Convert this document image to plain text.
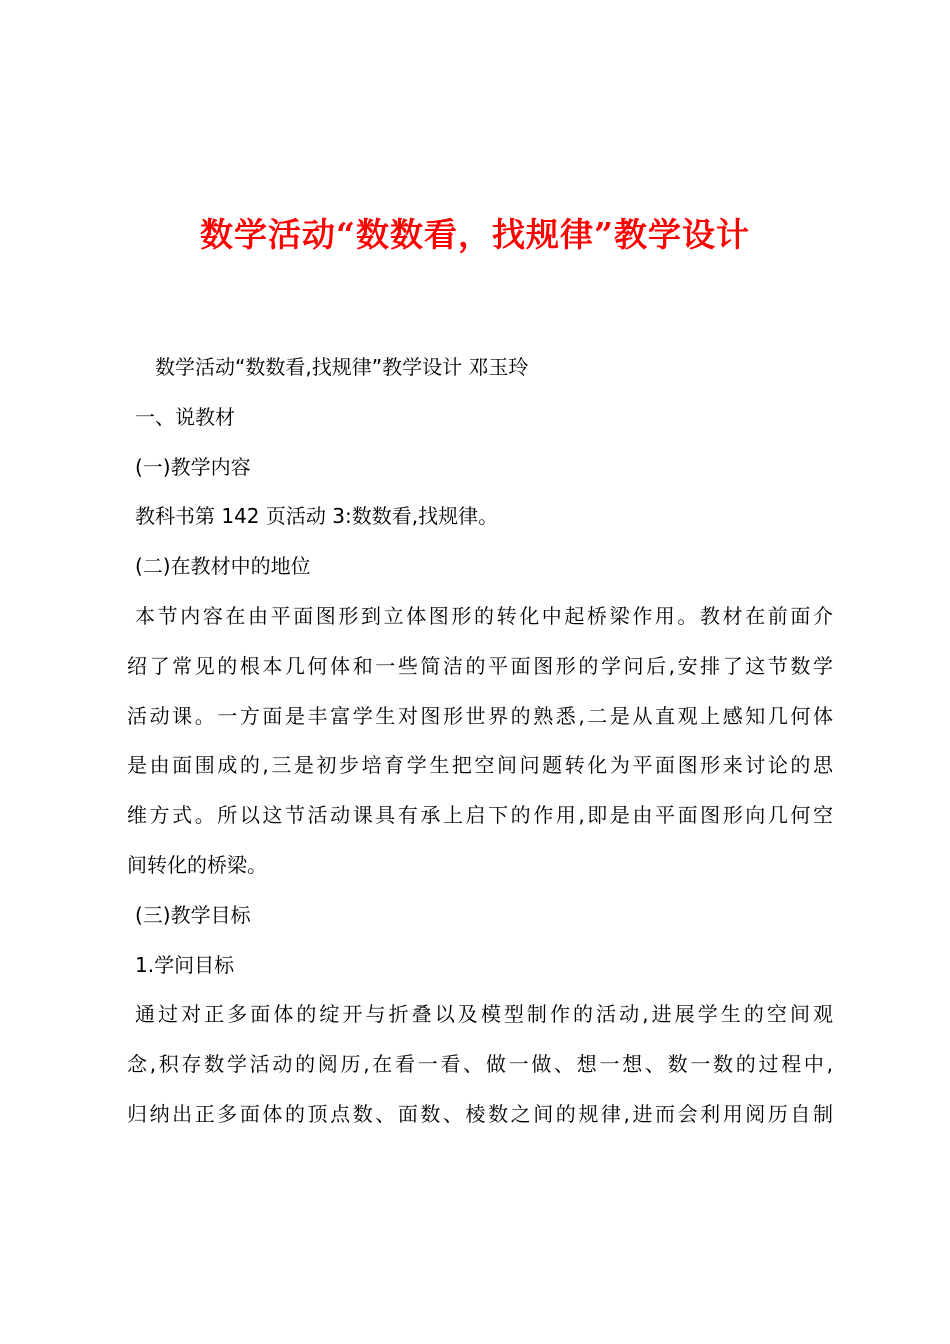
数学活动“数数看，找规律”教学设计
数学活动“数数看,找规律”教学设计 邓玉玲
一、说教材
(一)教学内容
教科书第 142 页活动 3:数数看,找规律。
(二)在教材中的地位
本节内容在由平面图形到立体图形的转化中起桥梁作用。教材在前面介
绍了常见的根本几何体和一些简洁的平面图形的学问后,安排了这节数学
活动课。一方面是丰富学生对图形世界的熟悉,二是从直观上感知几何体
是由面围成的,三是初步培育学生把空间问题转化为平面图形来讨论的思
维方式。所以这节活动课具有承上启下的作用,即是由平面图形向几何空
间转化的桥梁。
(三)教学目标
1.学问目标
通过对正多面体的绽开与折叠以及模型制作的活动,进展学生的空间观
念,积存数学活动的阅历,在看一看、做一做、想一想、数一数的过程中,
归纳出正多面体的顶点数、面数、棱数之间的规律,进而会利用阅历自制
